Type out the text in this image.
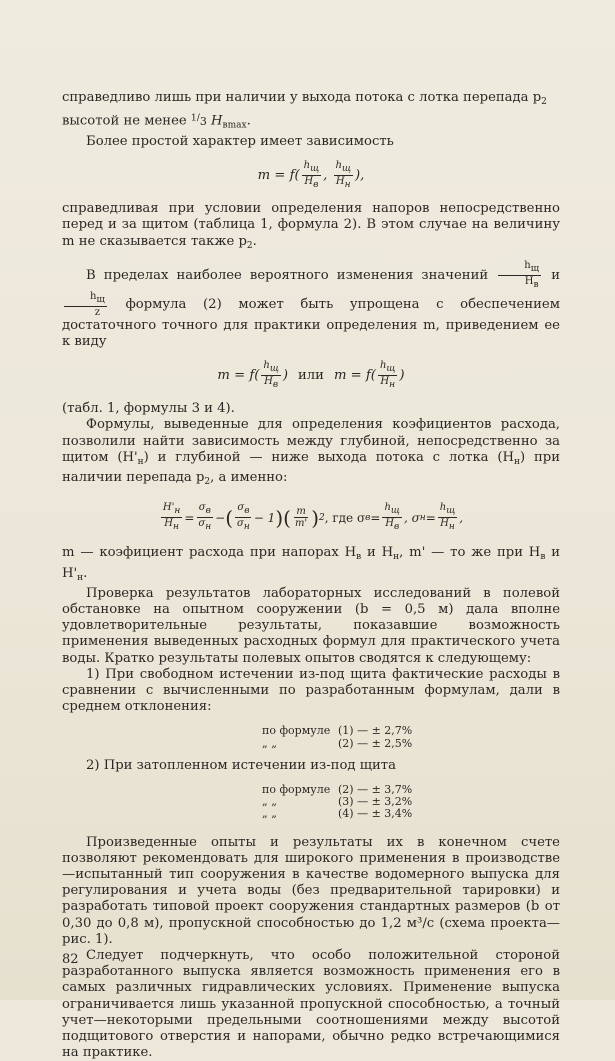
справедливо лишь при наличии у выхода потока с лотка перепада $p_2$
высотой не менее $^{1/}$3 $H_{вmax}$.

Более простой характер имеет зависимость

$m = f( \frac{hщ}{Hв}$ , $\frac{hщ}{Hн}$ ),

справедливая при условии определения напоров непосредственно перед и за щитом (таблица 1, формула 2). В этом случае на величину m не сказывается также $p_2$.

В пределах наиболее вероятного изменения значений $\frac{hщ}{Hв}$ и
$\frac{hщ}{z}$ формула (2) может быть упрощена с обеспечением достаточного точного для практики определения m, приведением ее к виду

$m = f( \frac{hщ}{Hв}$ ) или $m = f( \frac{hщ}{Hн}$ )

(табл. 1, формулы 3 и 4).

Формулы, выведенные для определения коэфициентов расхода, позволили найти зависимость между глубиной, непосредственно за щитом $(H'_н)$ и глубиной — ниже выхода потока с лотка $(H_н)$ при наличии перепада $p_2$, а именно:

$\frac{H'н}{Hн} = \frac{\sigma в}{\sigma н}$ − ( $\frac{\sigma в}{\sigma н} - 1$ ) ( $\frac{m}{m'}$ ) 2 , где σ $в = \frac{hщ}{Hв}$ , σ $н = \frac{hщ}{Hн}$ ,

m — коэфициент расхода при напорах $H_в$ и $H_н$, m' — то же при $H_в$ и $H'_н$.

Проверка результатов лабораторных исследований в полевой обстановке на опытном сооружении (b = 0,5 м) дала вполне удовлетворительные результаты, показавшие возможность применения выведенных расходных формул для практического учета воды. Кратко результаты полевых опытов сводятся к следующему:

1) При свободном истечении из-под щита фактические расходы в сравнении с вычисленными по разработанным формулам, дали в среднем отклонения:

по формуле (1) — ± 2,7%
„ „	(2) — ± 2,5%

2) При затопленном истечении из-под щита

по формуле (2) — ± 3,7%
„ „	(3) — ± 3,2%
„ „	(4) — ± 3,4%

Произведенные опыты и результаты их в конечном счете позволяют рекомендовать для широкого применения в производстве—испытанный тип сооружения в качестве водомерного выпуска для регулирования и учета воды (без предварительной тарировки) и разработать типовой проект сооружения стандартных размеров (b от 0,30 до 0,8 м), пропускной способностью до 1,2 м³/с (схема проекта—рис. 1).

Следует подчеркнуть, что особо положительной стороной разработанного выпуска является возможность применения его в самых различных гидравлических условиях. Применение выпуска ограничивается лишь указанной пропускной способностью, а точный учет—некоторыми предельными соотношениями между высотой подщитового отверстия и напорами, обычно редко встречающимися на практике.

82
